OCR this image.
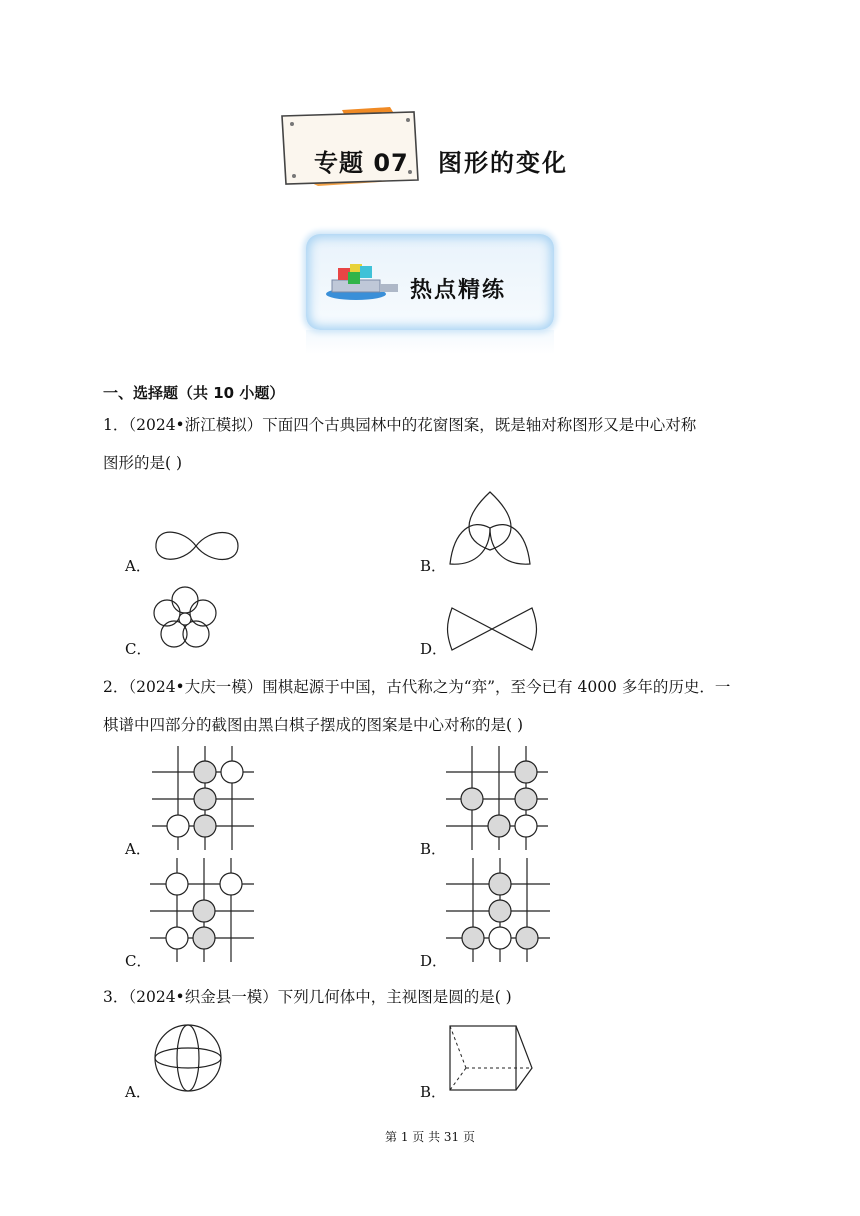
专题 07 图形的变化
热点精练
一、选择题（共 10 小题）
1．（2024•浙江模拟）下面四个古典园林中的花窗图案，既是轴对称图形又是中心对称
图形的是( )
A．	B．
C．	D．
2．（2024•大庆一模）围棋起源于中国，古代称之为“弈”，至今已有 4000 多年的历史．一
棋谱中四部分的截图由黑白棋子摆成的图案是中心对称的是( )
A．	B．
C．	D．
3．（2024•织金县一模）下列几何体中，主视图是圆的是( )
A．	B．
第 1 页 共 31 页
